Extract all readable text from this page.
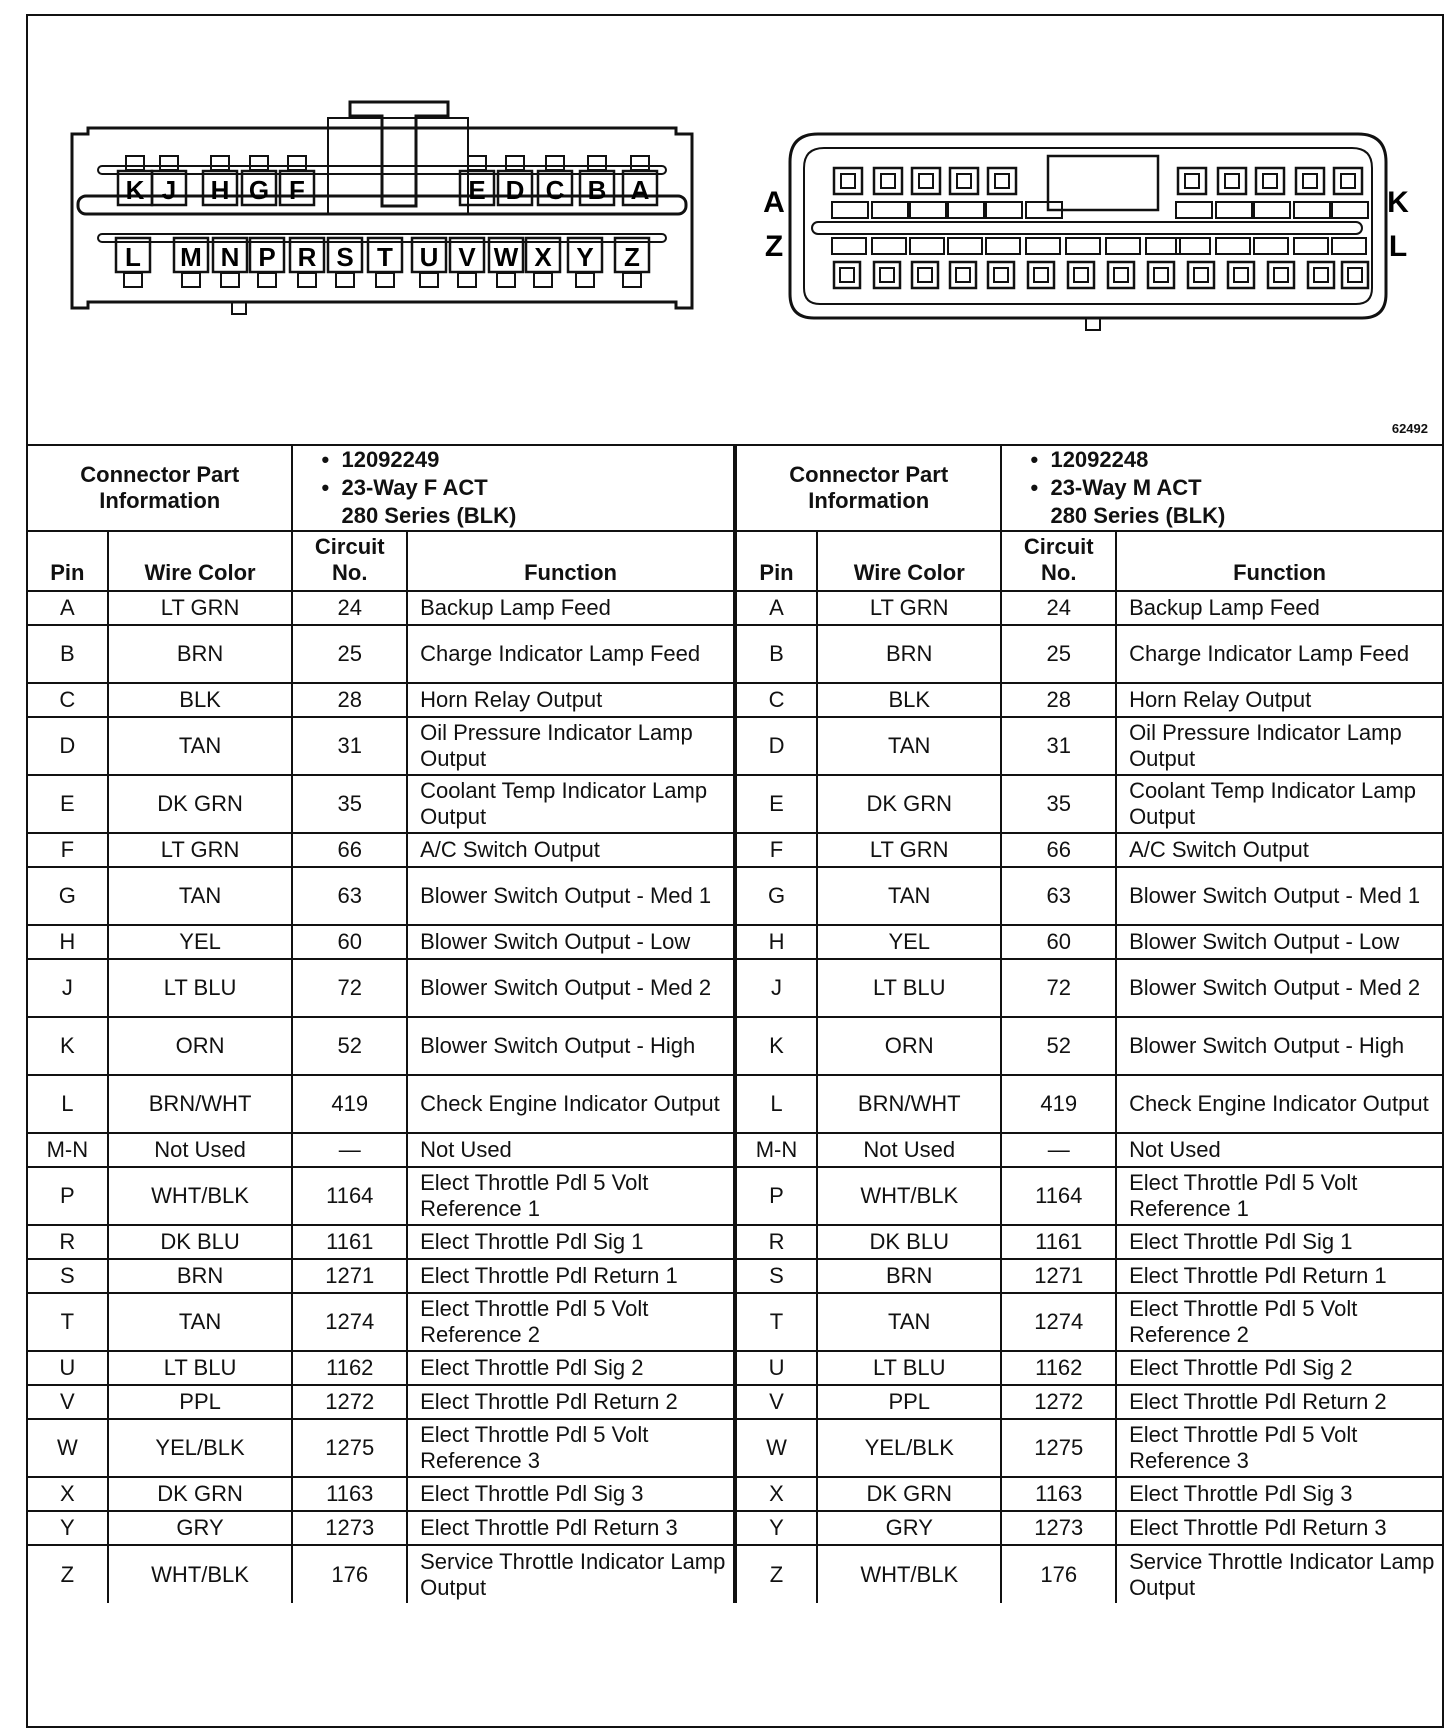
K J H G F	E D C B A
L M N P R S T U V W X Y Z
A
Z
K
L
62492
Connector Part Information		• 12092249
• 23-Way F ACT
280 Series (BLK)	

Pin	Wire Color	Circuit No.	Function
A	LT GRN	24	Backup Lamp Feed
B	BRN	25	Charge Indicator Lamp Feed
C	BLK	28	Horn Relay Output
D	TAN	31	Oil Pressure Indicator Lamp Output
E	DK GRN	35	Coolant Temp Indicator Lamp Output
F	LT GRN	66	A/C Switch Output
G	TAN	63	Blower Switch Output - Med 1
H	YEL	60	Blower Switch Output - Low
J	LT BLU	72	Blower Switch Output - Med 2
K	ORN	52	Blower Switch Output - High
L	BRN/WHT	419	Check Engine Indicator Output
M-N	Not Used	—	Not Used
P	WHT/BLK	1164	Elect Throttle Pdl 5 Volt Reference 1
R	DK BLU	1161	Elect Throttle Pdl Sig 1
S	BRN	1271	Elect Throttle Pdl Return 1
T	TAN	1274	Elect Throttle Pdl 5 Volt Reference 2
U	LT BLU	1162	Elect Throttle Pdl Sig 2
V	PPL	1272	Elect Throttle Pdl Return 2
W	YEL/BLK	1275	Elect Throttle Pdl 5 Volt Reference 3
X	DK GRN	1163	Elect Throttle Pdl Sig 3
Y	GRY	1273	Elect Throttle Pdl Return 3
Z	WHT/BLK	176	Service Throttle Indicator Lamp Output
Connector Part Information		• 12092248
• 23-Way M ACT
280 Series (BLK)	

Pin	Wire Color	Circuit No.	Function
A	LT GRN	24	Backup Lamp Feed
B	BRN	25	Charge Indicator Lamp Feed
C	BLK	28	Horn Relay Output
D	TAN	31	Oil Pressure Indicator Lamp Output
E	DK GRN	35	Coolant Temp Indicator Lamp Output
F	LT GRN	66	A/C Switch Output
G	TAN	63	Blower Switch Output - Med 1
H	YEL	60	Blower Switch Output - Low
J	LT BLU	72	Blower Switch Output - Med 2
K	ORN	52	Blower Switch Output - High
L	BRN/WHT	419	Check Engine Indicator Output
M-N	Not Used	—	Not Used
P	WHT/BLK	1164	Elect Throttle Pdl 5 Volt Reference 1
R	DK BLU	1161	Elect Throttle Pdl Sig 1
S	BRN	1271	Elect Throttle Pdl Return 1
T	TAN	1274	Elect Throttle Pdl 5 Volt Reference 2
U	LT BLU	1162	Elect Throttle Pdl Sig 2
V	PPL	1272	Elect Throttle Pdl Return 2
W	YEL/BLK	1275	Elect Throttle Pdl 5 Volt Reference 3
X	DK GRN	1163	Elect Throttle Pdl Sig 3
Y	GRY	1273	Elect Throttle Pdl Return 3
Z	WHT/BLK	176	Service Throttle Indicator Lamp Output
